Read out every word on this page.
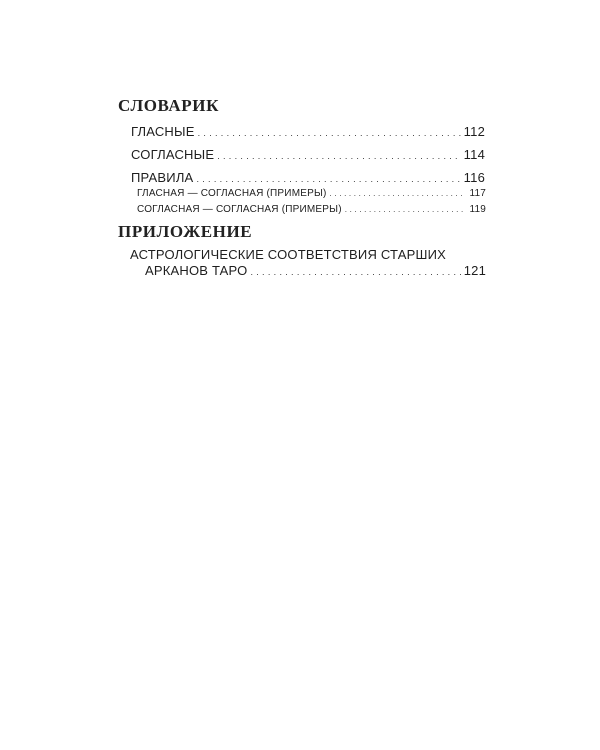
СЛОВАРИК
ГЛАСНЫЕ . . .	112
СОГЛАСНЫЕ . . .	114
ПРАВИЛА . . .	116
ГЛАСНАЯ — СОГЛАСНАЯ (ПРИМЕРЫ) . . .	117
СОГЛАСНАЯ — СОГЛАСНАЯ (ПРИМЕРЫ) . . .	119
ПРИЛОЖЕНИЕ
АСТРОЛОГИЧЕСКИЕ СООТВЕТСТВИЯ СТАРШИХ
АРКАНОВ ТАРО . . .	121
